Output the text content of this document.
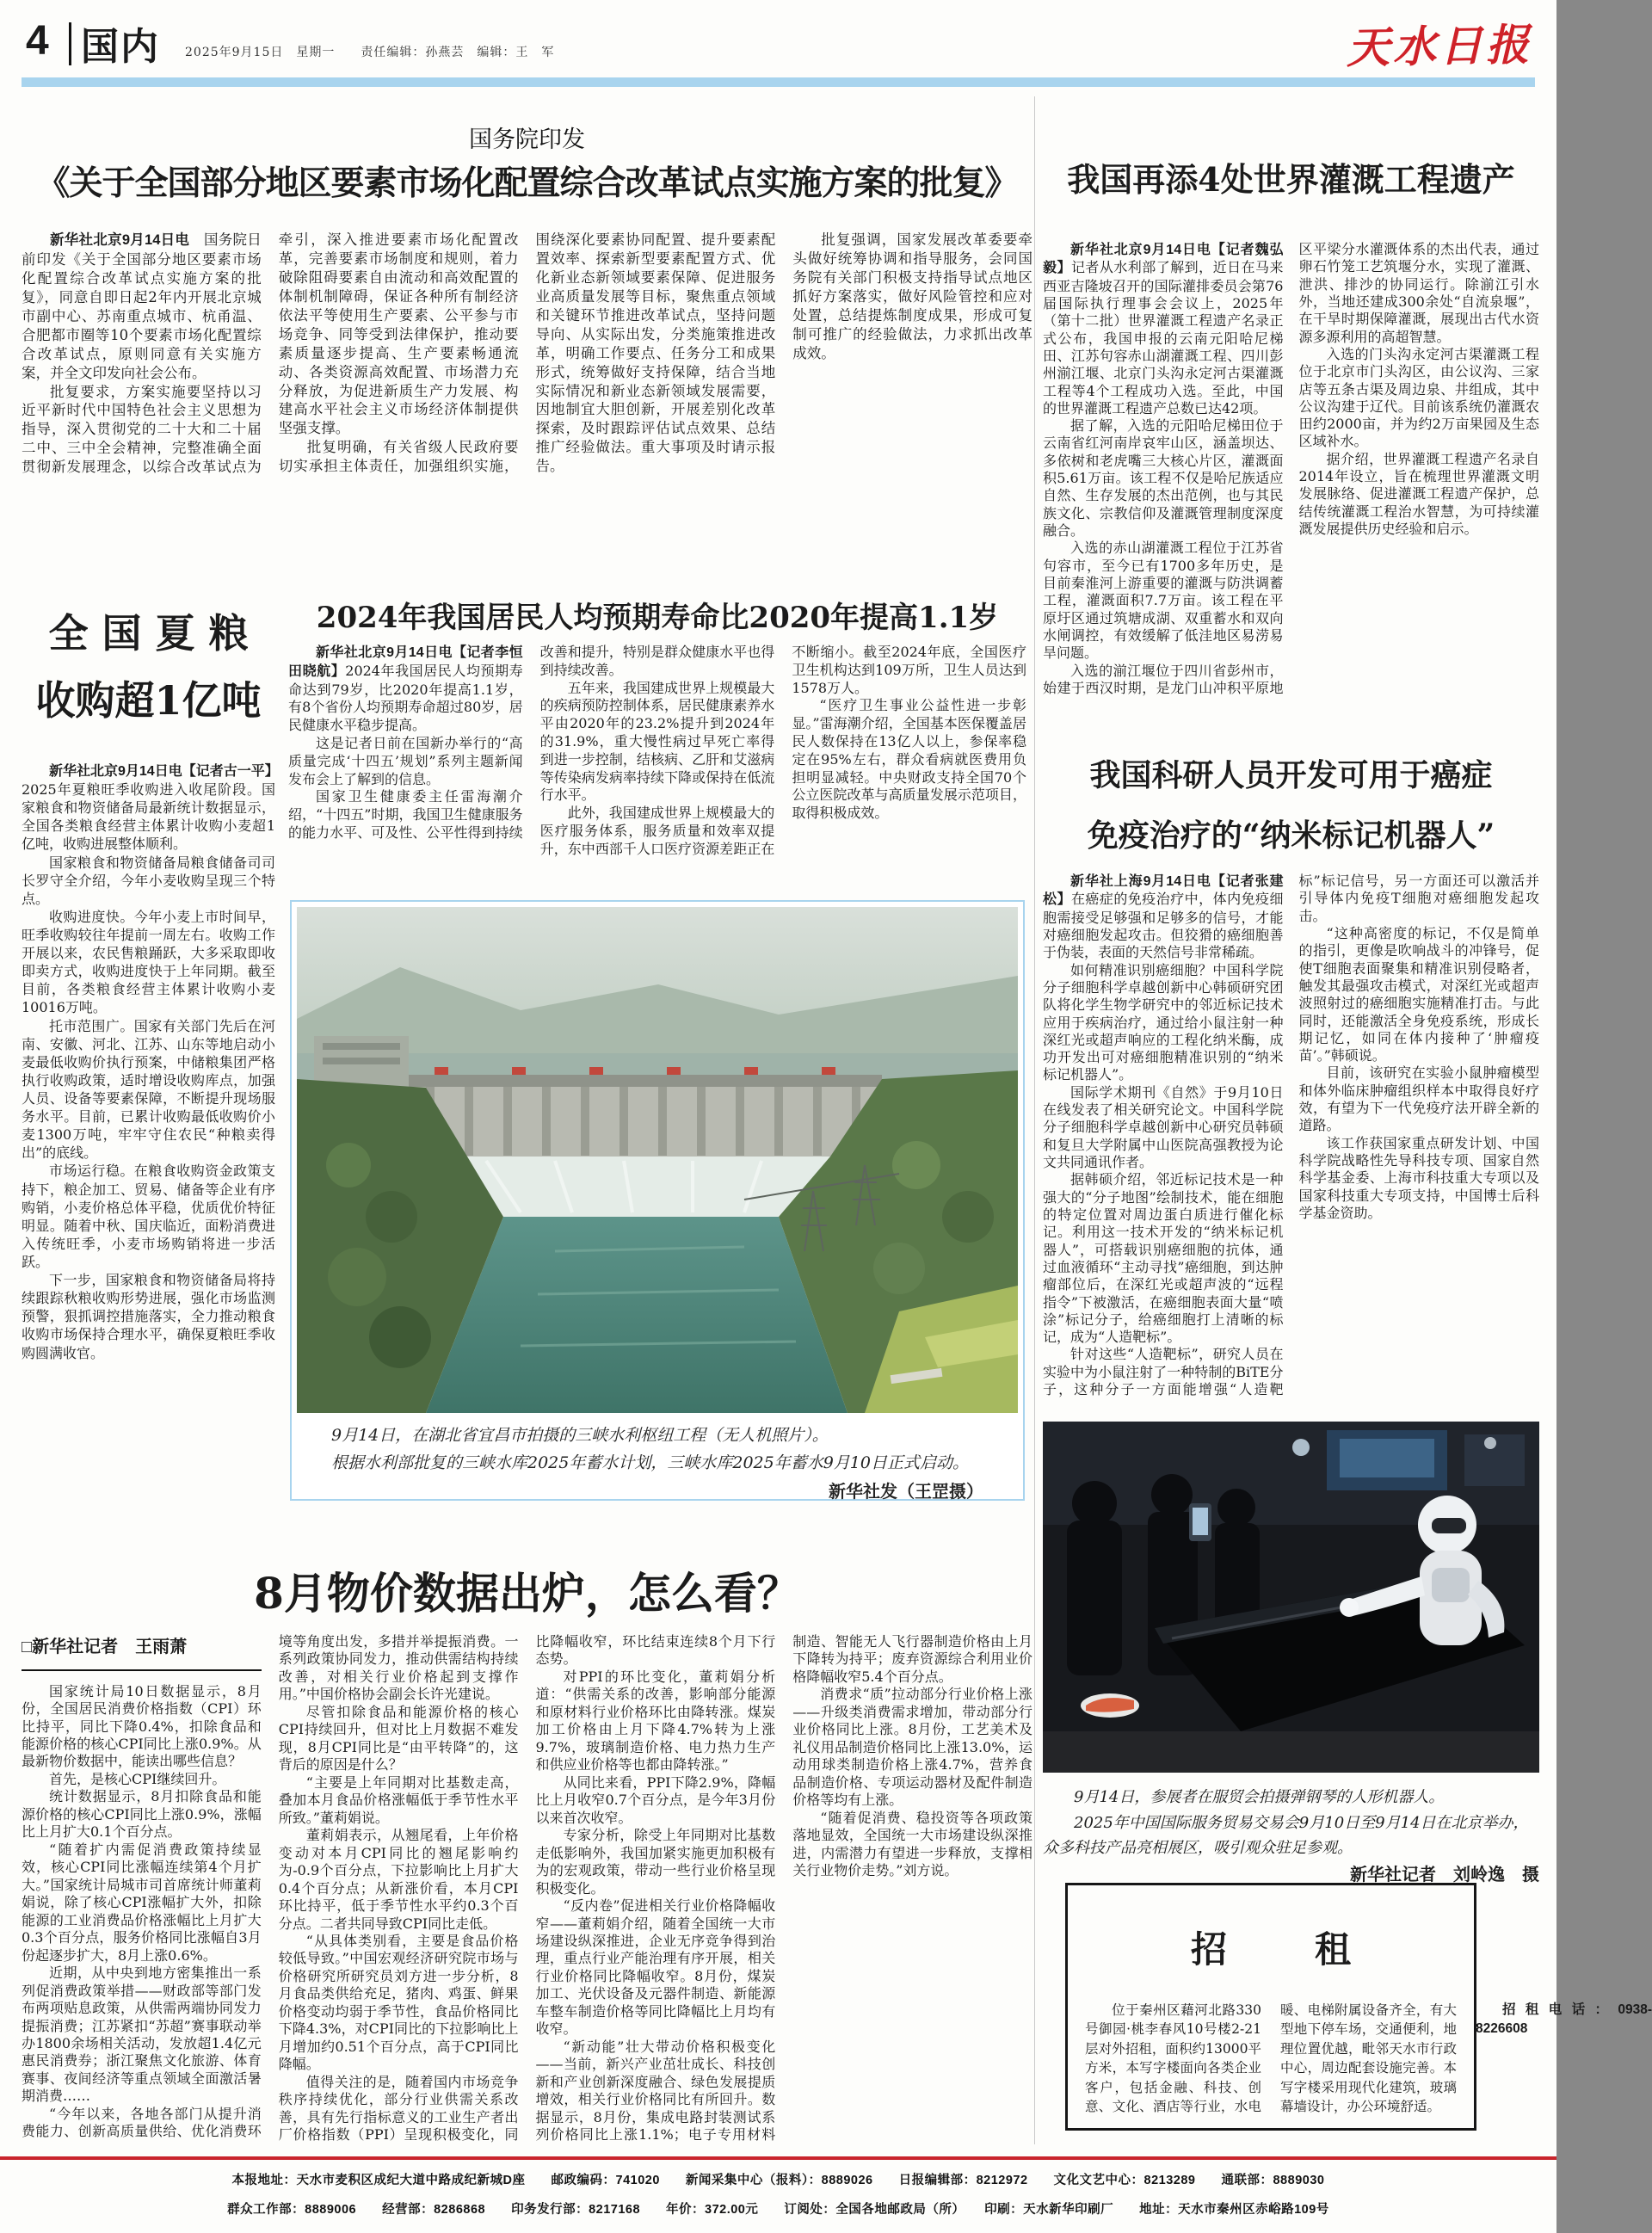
4 国内 2025年9月15日　星期一　　责任编辑：孙燕芸　编辑：王　军	天水日报
国务院印发
《关于全国部分地区要素市场化配置综合改革试点实施方案的批复》

新华社北京9月14日电　国务院日前印发《关于全国部分地区要素市场化配置综合改革试点实施方案的批复》，同意自即日起2年内开展北京城市副中心、苏南重点城市、杭甬温、合肥都市圈等10个要素市场化配置综合改革试点，原则同意有关实施方案，并全文印发向社会公布。

批复要求，方案实施要坚持以习近平新时代中国特色社会主义思想为指导，深入贯彻党的二十大和二十届二中、三中全会精神，完整准确全面贯彻新发展理念，以综合改革试点为牵引，深入推进要素市场化配置改革，完善要素市场制度和规则，着力破除阻碍要素自由流动和高效配置的体制机制障碍，保证各种所有制经济依法平等使用生产要素、公平参与市场竞争、同等受到法律保护，推动要素质量逐步提高、生产要素畅通流动、各类资源高效配置、市场潜力充分释放，为促进新质生产力发展、构建高水平社会主义市场经济体制提供坚强支撑。

批复明确，有关省级人民政府要切实承担主体责任，加强组织实施，围绕深化要素协同配置、提升要素配置效率、探索新型要素配置方式、优化新业态新领域要素保障、促进服务业高质量发展等目标，聚焦重点领域和关键环节推进改革试点，坚持问题导向、从实际出发，分类施策推进改革，明确工作要点、任务分工和成果形式，统筹做好支持保障，结合当地实际情况和新业态新领域发展需要，因地制宜大胆创新，开展差别化改革探索，及时跟踪评估试点效果、总结推广经验做法。重大事项及时请示报告。

批复强调，国家发展改革委要牵头做好统筹协调和指导服务，会同国务院有关部门积极支持指导试点地区抓好方案落实，做好风险管控和应对处置，总结提炼制度成果，形成可复制可推广的经验做法，力求抓出改革成效。

我国再添4处世界灌溉工程遗产

新华社北京9月14日电【记者魏弘毅】记者从水利部了解到，近日在马来西亚吉隆坡召开的国际灌排委员会第76届国际执行理事会会议上，2025年（第十二批）世界灌溉工程遗产名录正式公布，我国申报的云南元阳哈尼梯田、江苏句容赤山湖灌溉工程、四川彭州湔江堰、北京门头沟永定河古渠灌溉工程等4个工程成功入选。至此，中国的世界灌溉工程遗产总数已达42项。

据了解，入选的元阳哈尼梯田位于云南省红河南岸哀牢山区，涵盖坝达、多依树和老虎嘴三大核心片区，灌溉面积5.61万亩。该工程不仅是哈尼族适应自然、生存发展的杰出范例，也与其民族文化、宗教信仰及灌溉管理制度深度融合。

入选的赤山湖灌溉工程位于江苏省句容市，至今已有1700多年历史，是目前秦淮河上游重要的灌溉与防洪调蓄工程，灌溉面积7.7万亩。该工程在平原圩区通过筑塘成湖、双重蓄水和双向水闸调控，有效缓解了低洼地区易涝易旱问题。

入选的湔江堰位于四川省彭州市，始建于西汉时期，是龙门山冲积平原地区平梁分水灌溉体系的杰出代表，通过卵石竹笼工艺筑堰分水，实现了灌溉、泄洪、排沙的协同运行。除湔江引水外，当地还建成300余处“自流泉堰”，在干旱时期保障灌溉，展现出古代水资源多源利用的高超智慧。

入选的门头沟永定河古渠灌溉工程位于北京市门头沟区，由公议沟、三家店等五条古渠及周边泉、井组成，其中公议沟建于辽代。目前该系统仍灌溉农田约2000亩，并为约2万亩果园及生态区域补水。

据介绍，世界灌溉工程遗产名录自2014年设立，旨在梳理世界灌溉文明发展脉络、促进灌溉工程遗产保护，总结传统灌溉工程治水智慧，为可持续灌溉发展提供历史经验和启示。

我国科研人员开发可用于癌症
免疫治疗的“纳米标记机器人”

新华社上海9月14日电【记者张建松】在癌症的免疫治疗中，体内免疫细胞需接受足够强和足够多的信号，才能对癌细胞发起攻击。但狡猾的癌细胞善于伪装，表面的天然信号非常稀疏。

如何精准识别癌细胞？中国科学院分子细胞科学卓越创新中心韩硕研究团队将化学生物学研究中的邻近标记技术应用于疾病治疗，通过给小鼠注射一种深红光或超声响应的工程化纳米酶，成功开发出可对癌细胞精准识别的“纳米标记机器人”。

国际学术期刊《自然》于9月10日在线发表了相关研究论文。中国科学院分子细胞科学卓越创新中心研究员韩硕和复旦大学附属中山医院高强教授为论文共同通讯作者。

据韩硕介绍，邻近标记技术是一种强大的“分子地图”绘制技术，能在细胞的特定位置对周边蛋白质进行催化标记。利用这一技术开发的“纳米标记机器人”，可搭载识别癌细胞的抗体，通过血液循环“主动寻找”癌细胞，到达肿瘤部位后，在深红光或超声波的“远程指令”下被激活，在癌细胞表面大量“喷涂”标记分子，给癌细胞打上清晰的标记，成为“人造靶标”。

针对这些“人造靶标”，研究人员在实验中为小鼠注射了一种特制的BiTE分子，这种分子一方面能增强“人造靶标”标记信号，另一方面还可以激活并引导体内免疫T细胞对癌细胞发起攻击。

“这种高密度的标记，不仅是简单的指引，更像是吹响战斗的冲锋号，促使T细胞表面聚集和精准识别侵略者，触发其最强攻击模式，对深红光或超声波照射过的癌细胞实施精准打击。与此同时，还能激活全身免疫系统，形成长期记忆，如同在体内接种了‘肿瘤疫苗’。”韩硕说。

目前，该研究在实验小鼠肿瘤模型和体外临床肿瘤组织样本中取得良好疗效，有望为下一代免疫疗法开辟全新的道路。

该工作获国家重点研发计划、中国科学院战略性先导科技专项、国家自然科学基金委、上海市科技重大专项以及国家科技重大专项支持，中国博士后科学基金资助。

全国夏粮
收购超1亿吨

新华社北京9月14日电【记者古一平】2025年夏粮旺季收购进入收尾阶段。国家粮食和物资储备局最新统计数据显示，全国各类粮食经营主体累计收购小麦超1亿吨，收购进展整体顺利。

国家粮食和物资储备局粮食储备司司长罗守全介绍，今年小麦收购呈现三个特点。

收购进度快。今年小麦上市时间早，旺季收购较往年提前一周左右。收购工作开展以来，农民售粮踊跃，大多采取即收即卖方式，收购进度快于上年同期。截至目前，各类粮食经营主体累计收购小麦10016万吨。

托市范围广。国家有关部门先后在河南、安徽、河北、江苏、山东等地启动小麦最低收购价执行预案，中储粮集团严格执行收购政策，适时增设收购库点，加强人员、设备等要素保障，不断提升现场服务水平。目前，已累计收购最低收购价小麦1300万吨，牢牢守住农民“种粮卖得出”的底线。

市场运行稳。在粮食收购资金政策支持下，粮企加工、贸易、储备等企业有序购销，小麦价格总体平稳，优质优价特征明显。随着中秋、国庆临近，面粉消费进入传统旺季，小麦市场购销将进一步活跃。

下一步，国家粮食和物资储备局将持续跟踪秋粮收购形势进展，强化市场监测预警，狠抓调控措施落实，全力推动粮食收购市场保持合理水平，确保夏粮旺季收购圆满收官。

2024年我国居民人均预期寿命比2020年提高1.1岁

新华社北京9月14日电【记者李恒　田晓航】2024年我国居民人均预期寿命达到79岁，比2020年提高1.1岁，有8个省份人均预期寿命超过80岁，居民健康水平稳步提高。

这是记者日前在国新办举行的“高质量完成‘十四五’规划”系列主题新闻发布会上了解到的信息。

国家卫生健康委主任雷海潮介绍，“十四五”时期，我国卫生健康服务的能力水平、可及性、公平性得到持续改善和提升，特别是群众健康水平也得到持续改善。

五年来，我国建成世界上规模最大的疾病预防控制体系，居民健康素养水平由2020年的23.2%提升到2024年的31.9%，重大慢性病过早死亡率得到进一步控制，结核病、乙肝和艾滋病等传染病发病率持续下降或保持在低流行水平。

此外，我国建成世界上规模最大的医疗服务体系，服务质量和效率双提升，东中西部千人口医疗资源差距正在不断缩小。截至2024年底，全国医疗卫生机构达到109万所，卫生人员达到1578万人。

“医疗卫生事业公益性进一步彰显。”雷海潮介绍，全国基本医保覆盖居民人数保持在13亿人以上，参保率稳定在95%左右，群众看病就医费用负担明显减轻。中央财政支持全国70个公立医院改革与高质量发展示范项目，取得积极成效。

9月14日，在湖北省宜昌市拍摄的三峡水利枢纽工程（无人机照片）。

根据水利部批复的三峡水库2025年蓄水计划，三峡水库2025年蓄水9月10日正式启动。
新华社发（王罡摄）

8月物价数据出炉，怎么看？
□新华社记者　王雨萧

国家统计局10日数据显示，8月份，全国居民消费价格指数（CPI）环比持平，同比下降0.4%，扣除食品和能源价格的核心CPI同比上涨0.9%。从最新物价数据中，能读出哪些信息？

首先，是核心CPI继续回升。

统计数据显示，8月扣除食品和能源价格的核心CPI同比上涨0.9%，涨幅比上月扩大0.1个百分点。

“随着扩内需促消费政策持续显效，核心CPI同比涨幅连续第4个月扩大。”国家统计局城市司首席统计师董莉娟说，除了核心CPI涨幅扩大外，扣除能源的工业消费品价格涨幅比上月扩大0.3个百分点，服务价格同比涨幅自3月份起逐步扩大，8月上涨0.6%。

近期，从中央到地方密集推出一系列促消费政策举措——财政部等部门发布两项贴息政策，从供需两端协同发力提振消费；江苏紧扣“苏超”赛事联动举办1800余场相关活动，发放超1.4亿元惠民消费券；浙江聚焦文化旅游、体育赛事、夜间经济等重点领域全面激活暑期消费……

“今年以来，各地各部门从提升消费能力、创新高质量供给、优化消费环境等角度出发，多措并举提振消费。一系列政策协同发力，推动供需结构持续改善，对相关行业价格起到支撑作用。”中国价格协会副会长许光建说。

尽管扣除食品和能源价格的核心CPI持续回升，但对比上月数据不难发现，8月CPI同比是“由平转降”的，这背后的原因是什么？

“主要是上年同期对比基数走高，叠加本月食品价格涨幅低于季节性水平所致。”董莉娟说。

董莉娟表示，从翘尾看，上年价格变动对本月CPI同比的翘尾影响约为-0.9个百分点，下拉影响比上月扩大0.4个百分点；从新涨价看，本月CPI环比持平，低于季节性水平约0.3个百分点。二者共同导致CPI同比走低。

“从具体类别看，主要是食品价格较低导致。”中国宏观经济研究院市场与价格研究所研究员刘方进一步分析，8月食品类供给充足，猪肉、鸡蛋、鲜果价格变动均弱于季节性，食品价格同比下降4.3%，对CPI同比的下拉影响比上月增加约0.51个百分点，高于CPI同比降幅。

值得关注的是，随着国内市场竞争秩序持续优化，部分行业供需关系改善，具有先行指标意义的工业生产者出厂价格指数（PPI）呈现积极变化，同比降幅收窄，环比结束连续8个月下行态势。

对PPI的环比变化，董莉娟分析道：“供需关系的改善，影响部分能源和原材料行业价格环比由降转涨。煤炭加工价格由上月下降4.7%转为上涨9.7%，玻璃制造价格、电力热力生产和供应业价格等也都由降转涨。”

从同比来看，PPI下降2.9%，降幅比上月收窄0.7个百分点，是今年3月份以来首次收窄。

专家分析，除受上年同期对比基数走低影响外，我国加紧实施更加积极有为的宏观政策，带动一些行业价格呈现积极变化。

“反内卷”促进相关行业价格降幅收窄——董莉娟介绍，随着全国统一大市场建设纵深推进，企业无序竞争得到治理，重点行业产能治理有序开展，相关行业价格同比降幅收窄。8月份，煤炭加工、光伏设备及元器件制造、新能源车整车制造价格等同比降幅比上月均有收窄。

“新动能”壮大带动价格积极变化——当前，新兴产业茁壮成长、科技创新和产业创新深度融合、绿色发展提质增效，相关行业价格同比有所回升。数据显示，8月份，集成电路封装测试系列价格同比上涨1.1%；电子专用材料制造、智能无人飞行器制造价格由上月下降转为持平；废弃资源综合利用业价格降幅收窄5.4个百分点。

消费求“质”拉动部分行业价格上涨——升级类消费需求增加，带动部分行业价格同比上涨。8月份，工艺美术及礼仪用品制造价格同比上涨13.0%，运动用球类制造价格上涨4.7%，营养食品制造价格、专项运动器材及配件制造价格等均有上涨。

“随着促消费、稳投资等各项政策落地显效，全国统一大市场建设纵深推进，内需潜力有望进一步释放，支撑相关行业物价走势。”刘方说。

9月14日，参展者在服贸会拍摄弹钢琴的人形机器人。

2025年中国国际服务贸易交易会9月10日至9月14日在北京举办，众多科技产品亮相展区，吸引观众驻足参观。
新华社记者　刘岭逸　摄

招　租

位于秦州区藉河北路330号御园·桃李春风10号楼2-21层对外招租，面积约13000平方米，本写字楼面向各类企业客户，包括金融、科技、创意、文化、酒店等行业，水电暖、电梯附属设备齐全，有大型地下停车场，交通便利，地理位置优越，毗邻天水市行政中心，周边配套设施完善。本写字楼采用现代化建筑，玻璃幕墙设计，办公环境舒适。

招租电话：0938-8226608

本报地址：天水市麦积区成纪大道中路成纪新城D座　　邮政编码：741020　　新闻采集中心（报料）：8889026　　日报编辑部：8212972　　文化文艺中心：8213289　　通联部：8889030
群众工作部：8889006　　经营部：8286868　　印务发行部：8217168　　年价：372.00元　　订阅处：全国各地邮政局（所）　　印刷：天水新华印刷厂　　地址：天水市秦州区赤峪路109号
